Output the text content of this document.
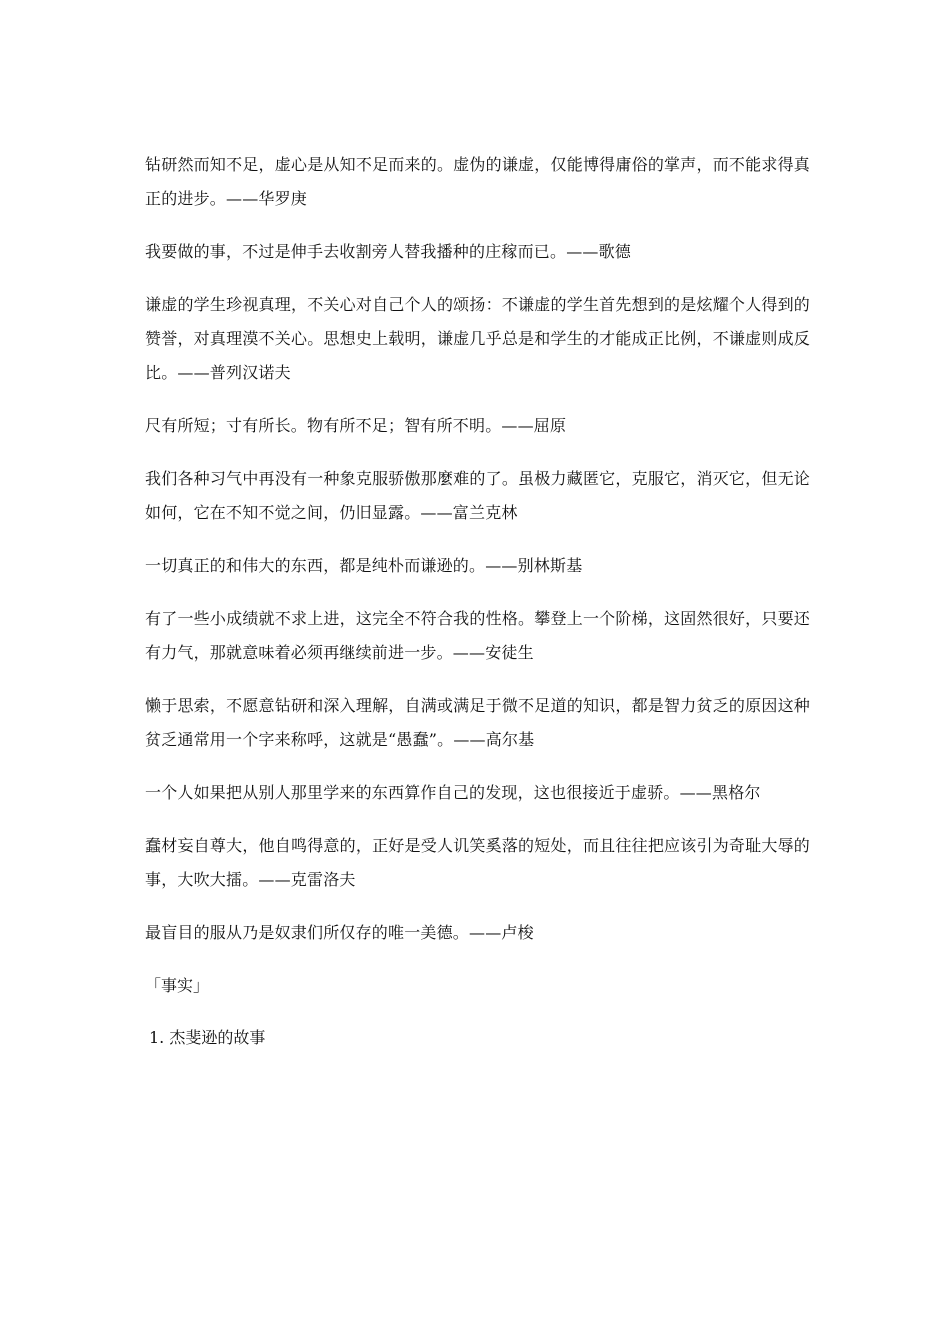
钻研然而知不足，虚心是从知不足而来的。虚伪的谦虚，仅能博得庸俗的掌声，而不能求得真正的进步。——华罗庚

我要做的事，不过是伸手去收割旁人替我播种的庄稼而已。——歌德

谦虚的学生珍视真理，不关心对自己个人的颂扬：不谦虚的学生首先想到的是炫耀个人得到的赞誉，对真理漠不关心。思想史上载明，谦虚几乎总是和学生的才能成正比例，不谦虚则成反比。——普列汉诺夫

尺有所短；寸有所长。物有所不足；智有所不明。——屈原

我们各种习气中再没有一种象克服骄傲那麼难的了。虽极力藏匿它，克服它，消灭它，但无论如何，它在不知不觉之间，仍旧显露。——富兰克林

一切真正的和伟大的东西，都是纯朴而谦逊的。——别林斯基

有了一些小成绩就不求上进，这完全不符合我的性格。攀登上一个阶梯，这固然很好，只要还有力气，那就意味着必须再继续前进一步。——安徒生

懒于思索，不愿意钻研和深入理解，自满或满足于微不足道的知识，都是智力贫乏的原因这种贫乏通常用一个字来称呼，这就是“愚蠢”。——高尔基

一个人如果把从别人那里学来的东西算作自己的发现，这也很接近于虚骄。——黑格尔

蠢材妄自尊大，他自鸣得意的，正好是受人讥笑奚落的短处，而且往往把应该引为奇耻大辱的事，大吹大擂。——克雷洛夫

最盲目的服从乃是奴隶们所仅存的唯一美德。——卢梭

「事实」
1. 杰斐逊的故事
